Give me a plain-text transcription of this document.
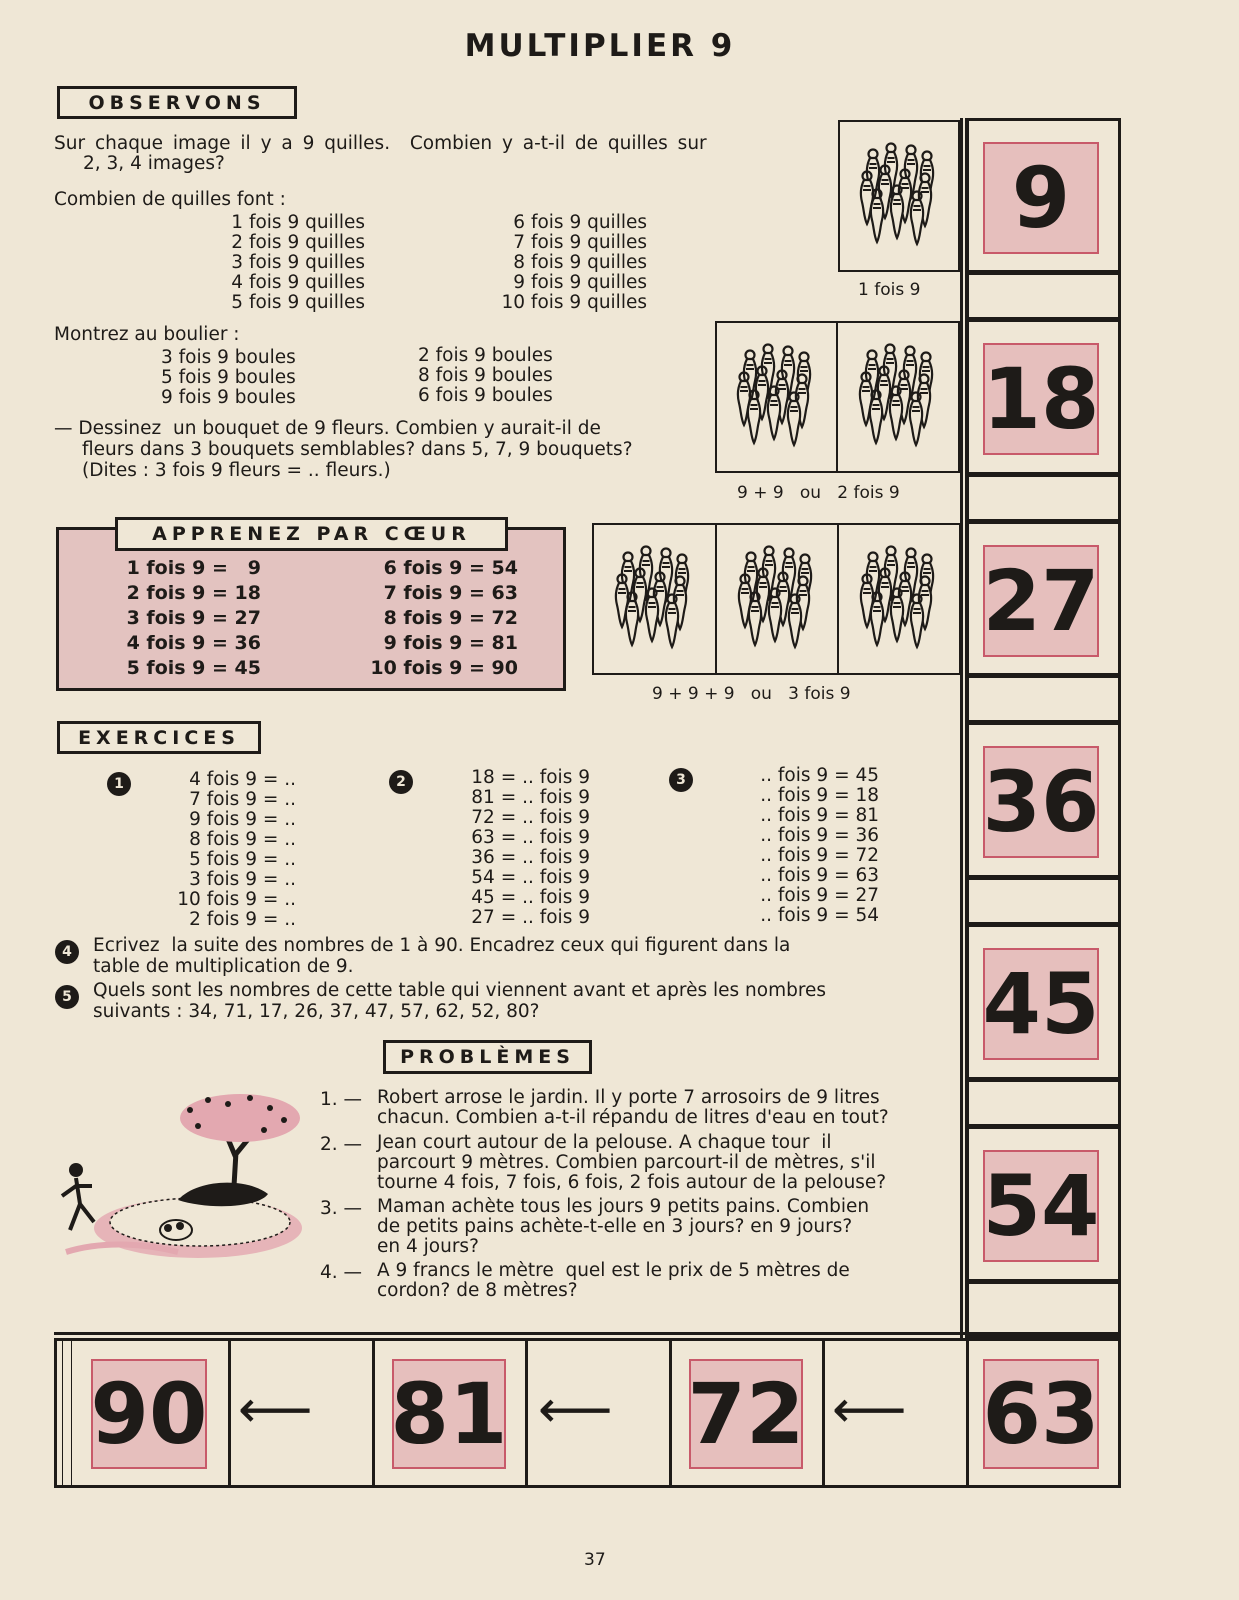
MULTIPLIER 9
OBSERVONS
Sur chaque image il y a 9 quilles.  Combien y a-t-il de quilles sur
2, 3, 4 images?
Combien de quilles font :
1 fois 9 quilles
2 fois 9 quilles
3 fois 9 quilles
4 fois 9 quilles
5 fois 9 quilles
6 fois 9 quilles
7 fois 9 quilles
8 fois 9 quilles
9 fois 9 quilles
10 fois 9 quilles
Montrez au boulier :
3 fois 9 boules
5 fois 9 boules
9 fois 9 boules
2 fois 9 boules
8 fois 9 boules
6 fois 9 boules
— Dessinez  un bouquet de 9 fleurs. Combien y aurait-il de
fleurs dans 3 bouquets semblables? dans 5, 7, 9 bouquets?
(Dites : 3 fois 9 fleurs = .. fleurs.)
APPRENEZ PAR CŒUR
1 fois 9 =   9
2 fois 9 = 18
3 fois 9 = 27
4 fois 9 = 36
5 fois 9 = 45
6 fois 9 = 54
7 fois 9 = 63
8 fois 9 = 72
9 fois 9 = 81
10 fois 9 = 90
1 fois 9
9 + 9   ou   2 fois 9
9 + 9 + 9   ou   3 fois 9
9
18
27
36
45
54
90 81 72 63
⟵	⟵	⟵
EXERCICES
1	4 fois 9 = ..
7 fois 9 = ..
9 fois 9 = ..
8 fois 9 = ..
5 fois 9 = ..
3 fois 9 = ..
10 fois 9 = ..
2 fois 9 = ..
2	18 = .. fois 9
81 = .. fois 9
72 = .. fois 9
63 = .. fois 9
36 = .. fois 9
54 = .. fois 9
45 = .. fois 9
27 = .. fois 9
3	.. fois 9 = 45
.. fois 9 = 18
.. fois 9 = 81
.. fois 9 = 36
.. fois 9 = 72
.. fois 9 = 63
.. fois 9 = 27
.. fois 9 = 54
4	Ecrivez  la suite des nombres de 1 à 90. Encadrez ceux qui figurent dans la
table de multiplication de 9.
5	Quels sont les nombres de cette table qui viennent avant et après les nombres
suivants : 34, 71, 17, 26, 37, 47, 57, 62, 52, 80?
PROBLÈMES
1. — Robert arrose le jardin. Il y porte 7 arrosoirs de 9 litres
chacun. Combien a-t-il répandu de litres d'eau en tout?
2. — Jean court autour de la pelouse. A chaque tour  il
parcourt 9 mètres. Combien parcourt-il de mètres, s'il
tourne 4 fois, 7 fois, 6 fois, 2 fois autour de la pelouse?
3. — Maman achète tous les jours 9 petits pains. Combien
de petits pains achète-t-elle en 3 jours? en 9 jours?
en 4 jours?
4. — A 9 francs le mètre  quel est le prix de 5 mètres de
cordon? de 8 mètres?
37
